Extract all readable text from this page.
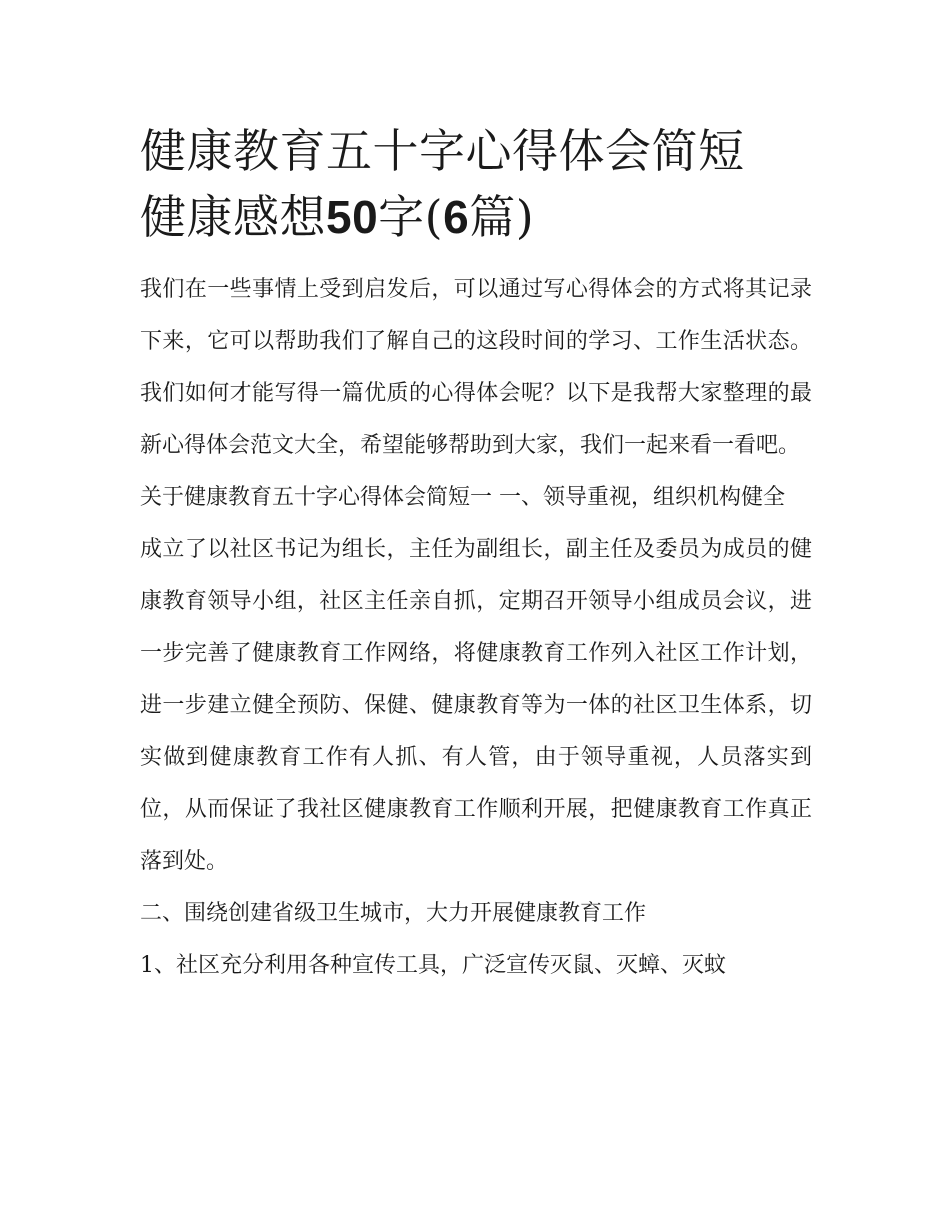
健康教育五十字心得体会简短
健康感想50字(6篇)

我们在一些事情上受到启发后，可以通过写心得体会的方式将其记录下来，它可以帮助我们了解自己的这段时间的学习、工作生活状态。我们如何才能写得一篇优质的心得体会呢？以下是我帮大家整理的最新心得体会范文大全，希望能够帮助到大家，我们一起来看一看吧。

关于健康教育五十字心得体会简短一 一、领导重视，组织机构健全

成立了以社区书记为组长，主任为副组长，副主任及委员为成员的健康教育领导小组，社区主任亲自抓，定期召开领导小组成员会议，进一步完善了健康教育工作网络，将健康教育工作列入社区工作计划，进一步建立健全预防、保健、健康教育等为一体的社区卫生体系，切实做到健康教育工作有人抓、有人管，由于领导重视，人员落实到位，从而保证了我社区健康教育工作顺利开展，把健康教育工作真正落到处。

二、围绕创建省级卫生城市，大力开展健康教育工作

1、社区充分利用各种宣传工具，广泛宣传灭鼠、灭蟑、灭蚊
